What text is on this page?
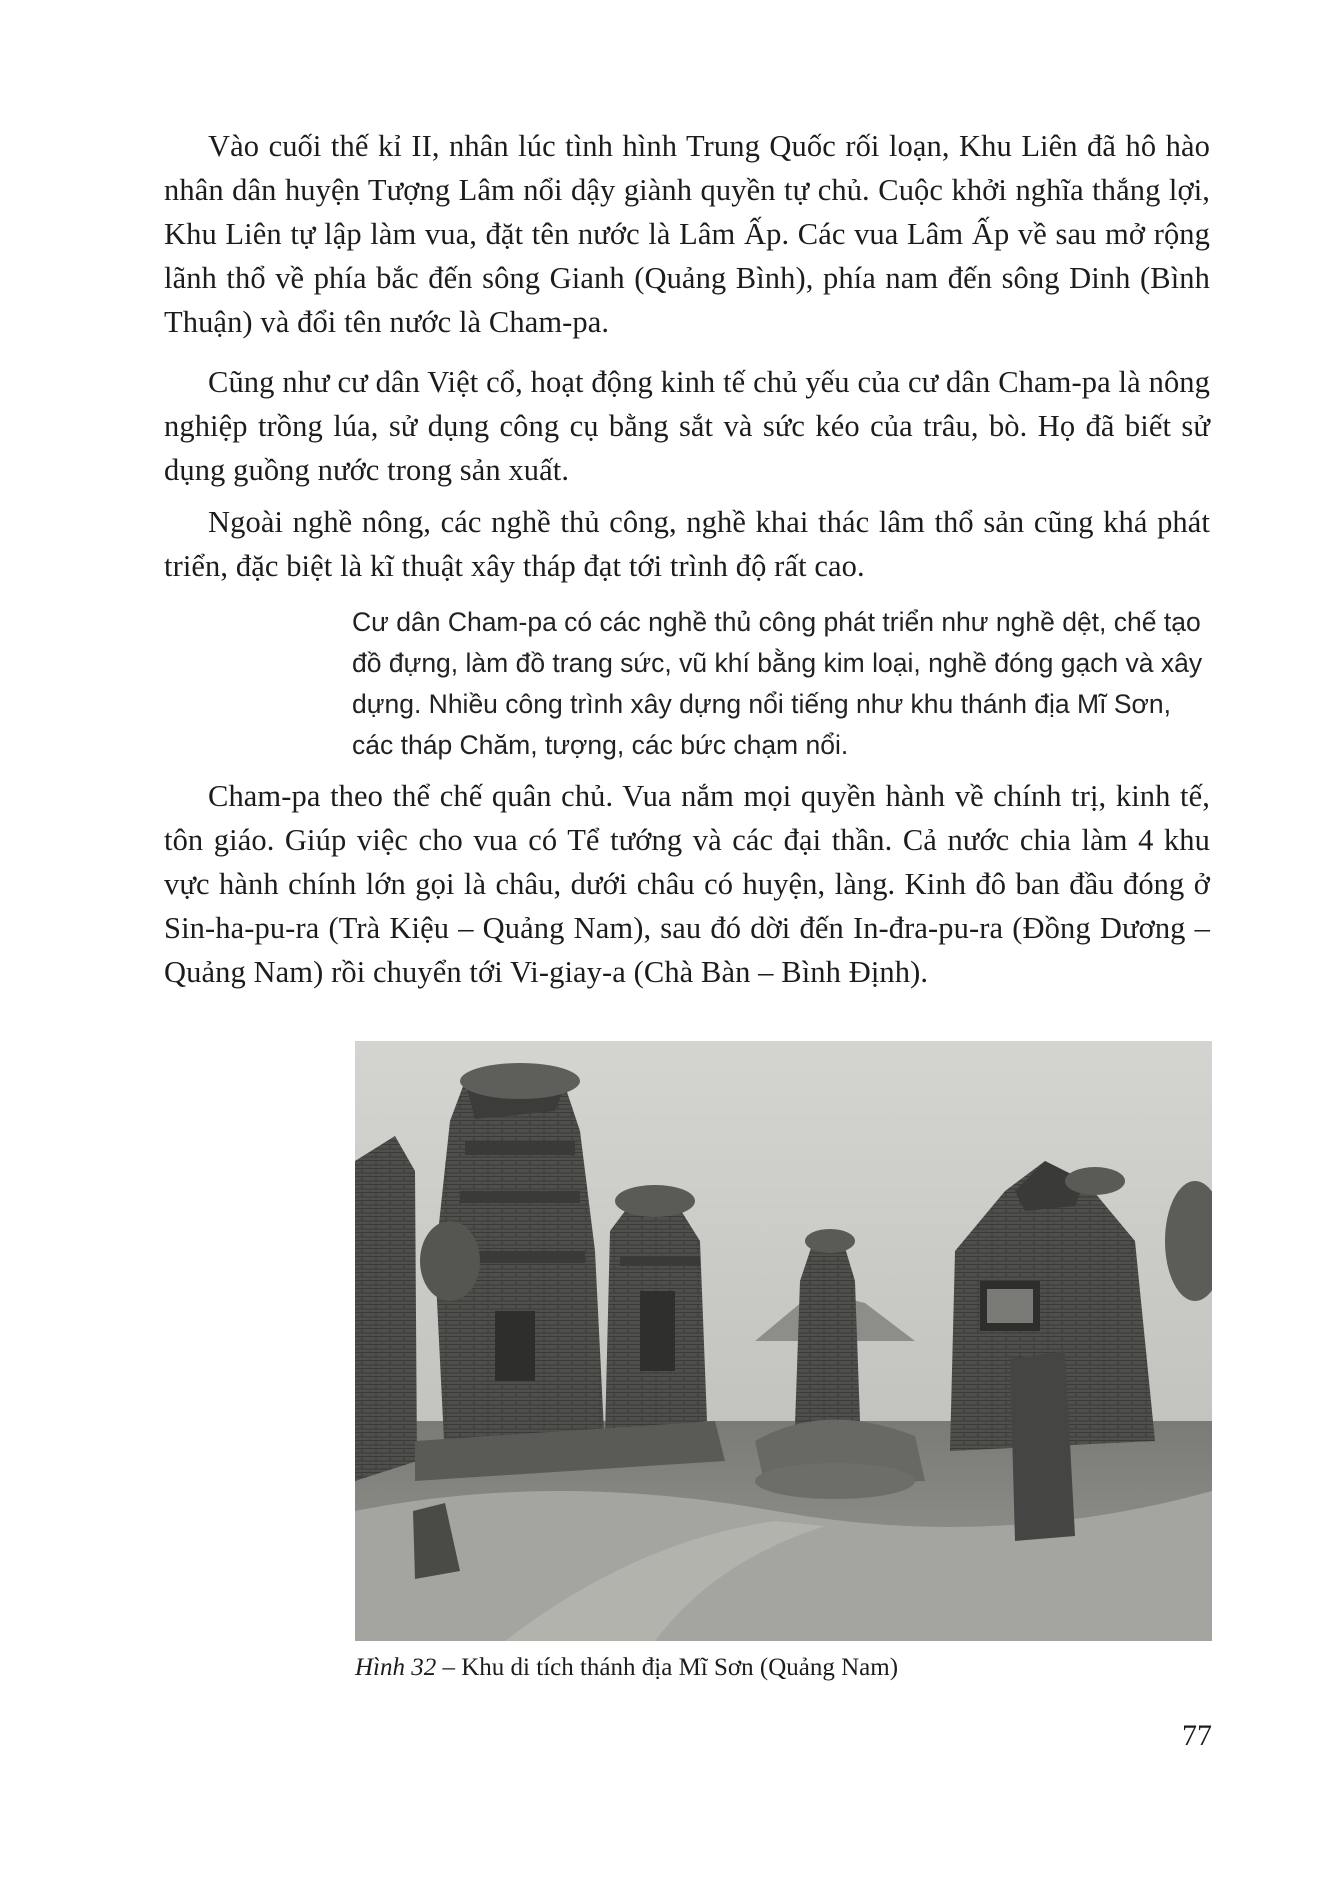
Vào cuối thế kỉ II, nhân lúc tình hình Trung Quốc rối loạn, Khu Liên đã hô hào nhân dân huyện Tượng Lâm nổi dậy giành quyền tự chủ. Cuộc khởi nghĩa thắng lợi, Khu Liên tự lập làm vua, đặt tên nước là Lâm Ấp. Các vua Lâm Ấp về sau mở rộng lãnh thổ về phía bắc đến sông Gianh (Quảng Bình), phía nam đến sông Dinh (Bình Thuận) và đổi tên nước là Cham-pa.

Cũng như cư dân Việt cổ, hoạt động kinh tế chủ yếu của cư dân Cham-pa là nông nghiệp trồng lúa, sử dụng công cụ bằng sắt và sức kéo của trâu, bò. Họ đã biết sử dụng guồng nước trong sản xuất.

Ngoài nghề nông, các nghề thủ công, nghề khai thác lâm thổ sản cũng khá phát triển, đặc biệt là kĩ thuật xây tháp đạt tới trình độ rất cao.

Cư dân Cham-pa có các nghề thủ công phát triển như nghề dệt, chế tạo đồ đựng, làm đồ trang sức, vũ khí bằng kim loại, nghề đóng gạch và xây dựng. Nhiều công trình xây dựng nổi tiếng như khu thánh địa Mĩ Sơn, các tháp Chăm, tượng, các bức chạm nổi.

Cham-pa theo thể chế quân chủ. Vua nắm mọi quyền hành về chính trị, kinh tế, tôn giáo. Giúp việc cho vua có Tể tướng và các đại thần. Cả nước chia làm 4 khu vực hành chính lớn gọi là châu, dưới châu có huyện, làng. Kinh đô ban đầu đóng ở Sin-ha-pu-ra (Trà Kiệu – Quảng Nam), sau đó dời đến In-đra-pu-ra (Đồng Dương – Quảng Nam) rồi chuyển tới Vi-giay-a (Chà Bàn – Bình Định).

Hình 32 – Khu di tích thánh địa Mĩ Sơn (Quảng Nam)

77
